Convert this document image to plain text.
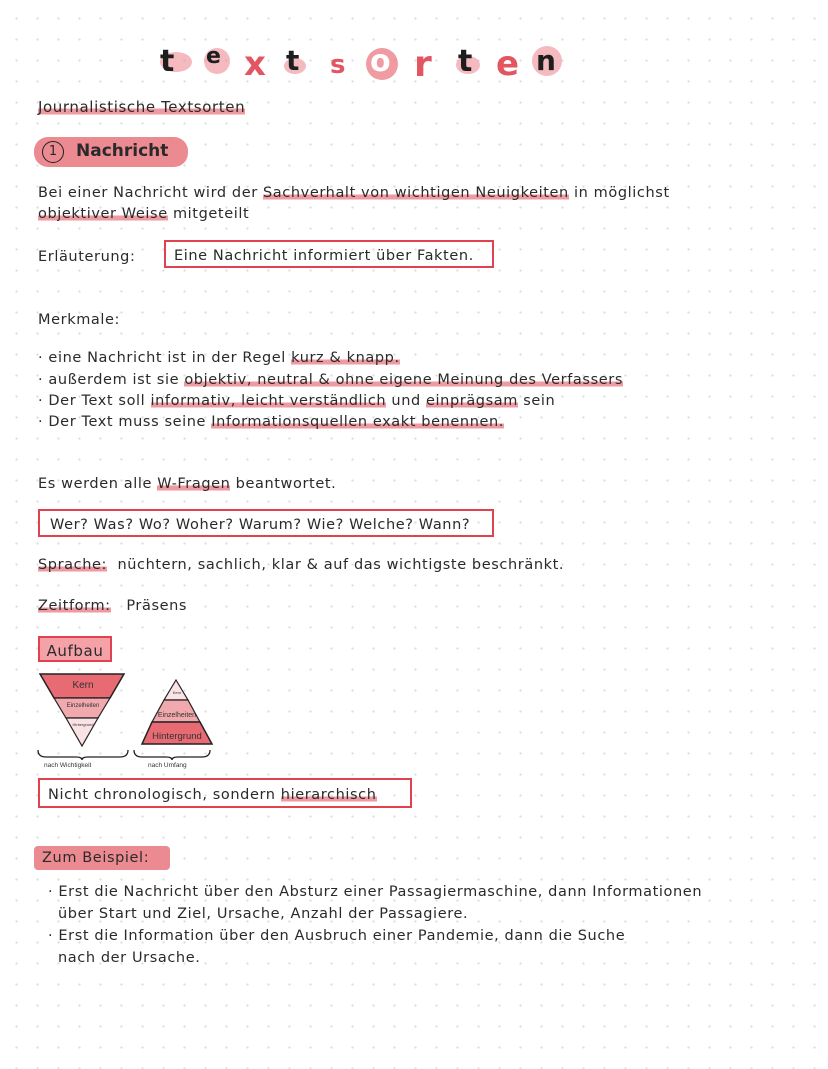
t e x t s o r t e n
Journalistische Textsorten
1	Nachricht
Bei einer Nachricht wird der Sachverhalt von wichtigen Neuigkeiten in möglichst
objektiver Weise mitgeteilt
Erläuterung:	Eine Nachricht informiert über Fakten.
Merkmale:
· eine Nachricht ist in der Regel kurz & knapp.
· außerdem ist sie objektiv, neutral & ohne eigene Meinung des Verfassers
· Der Text soll informativ, leicht verständlich und einprägsam sein
· Der Text muss seine Informationsquellen exakt benennen.
Es werden alle W-Fragen beantwortet.
Wer? Was? Wo? Woher? Warum? Wie? Welche? Wann?
Sprache: nüchtern, sachlich, klar & auf das wichtigste beschränkt.
Zeitform: Präsens
Aufbau
Kern
Einzelheiten
Hintergrund
Kern
Einzelheiten
Hintergrund
nach Wichtigkeit	nach Umfang
Nicht chronologisch, sondern hierarchisch
Zum Beispiel:
· Erst die Nachricht über den Absturz einer Passagiermaschine, dann Informationen
über Start und Ziel, Ursache, Anzahl der Passagiere.
· Erst die Information über den Ausbruch einer Pandemie, dann die Suche
nach der Ursache.
